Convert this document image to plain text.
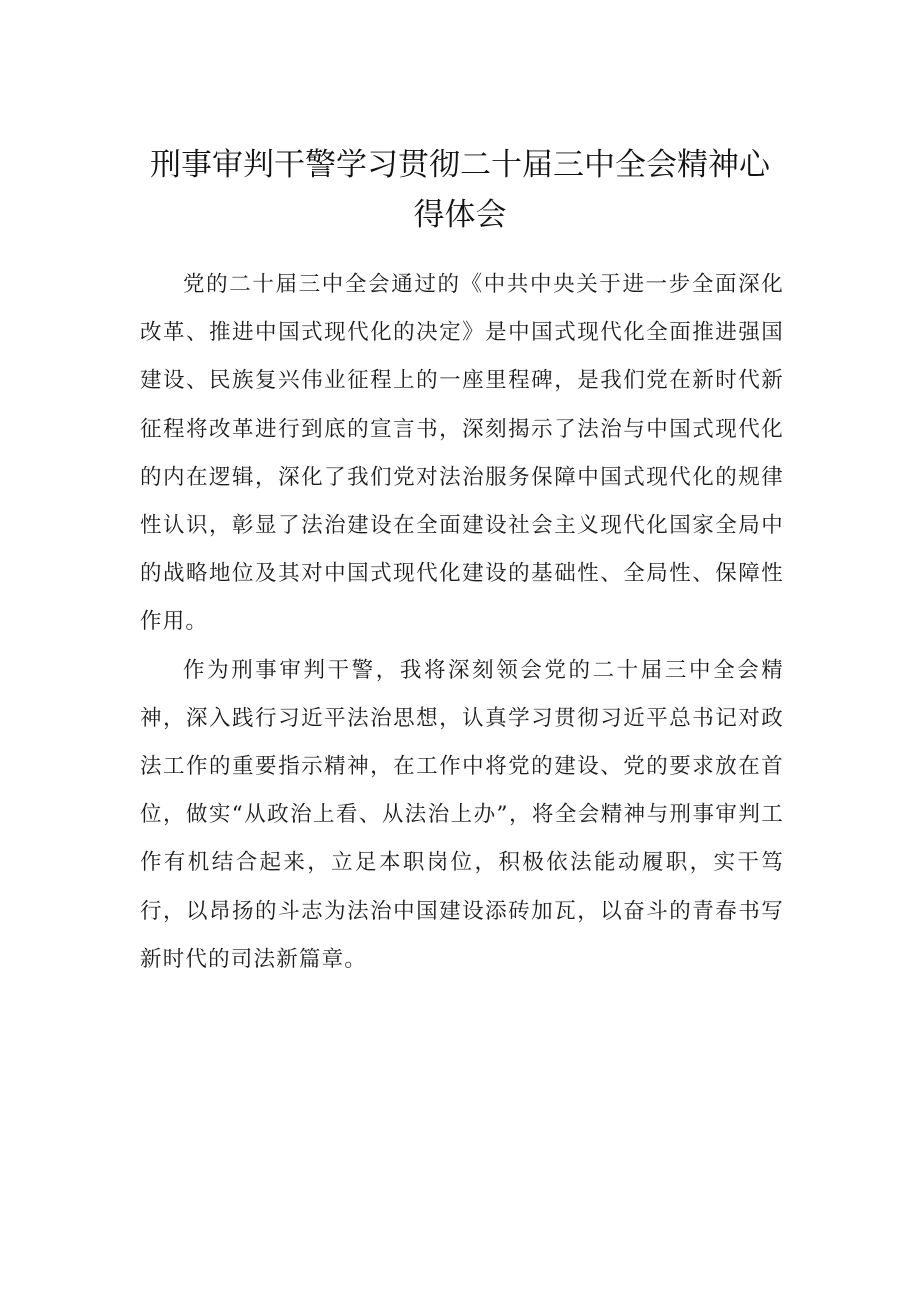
刑事审判干警学习贯彻二十届三中全会精神心得体会

党的二十届三中全会通过的《中共中央关于进一步全面深化改革、推进中国式现代化的决定》是中国式现代化全面推进强国建设、民族复兴伟业征程上的一座里程碑，是我们党在新时代新征程将改革进行到底的宣言书，深刻揭示了法治与中国式现代化的内在逻辑，深化了我们党对法治服务保障中国式现代化的规律性认识，彰显了法治建设在全面建设社会主义现代化国家全局中的战略地位及其对中国式现代化建设的基础性、全局性、保障性作用。

作为刑事审判干警，我将深刻领会党的二十届三中全会精神，深入践行习近平法治思想，认真学习贯彻习近平总书记对政法工作的重要指示精神，在工作中将党的建设、党的要求放在首位，做实“从政治上看、从法治上办”，将全会精神与刑事审判工作有机结合起来，立足本职岗位，积极依法能动履职，实干笃行，以昂扬的斗志为法治中国建设添砖加瓦，以奋斗的青春书写新时代的司法新篇章。
